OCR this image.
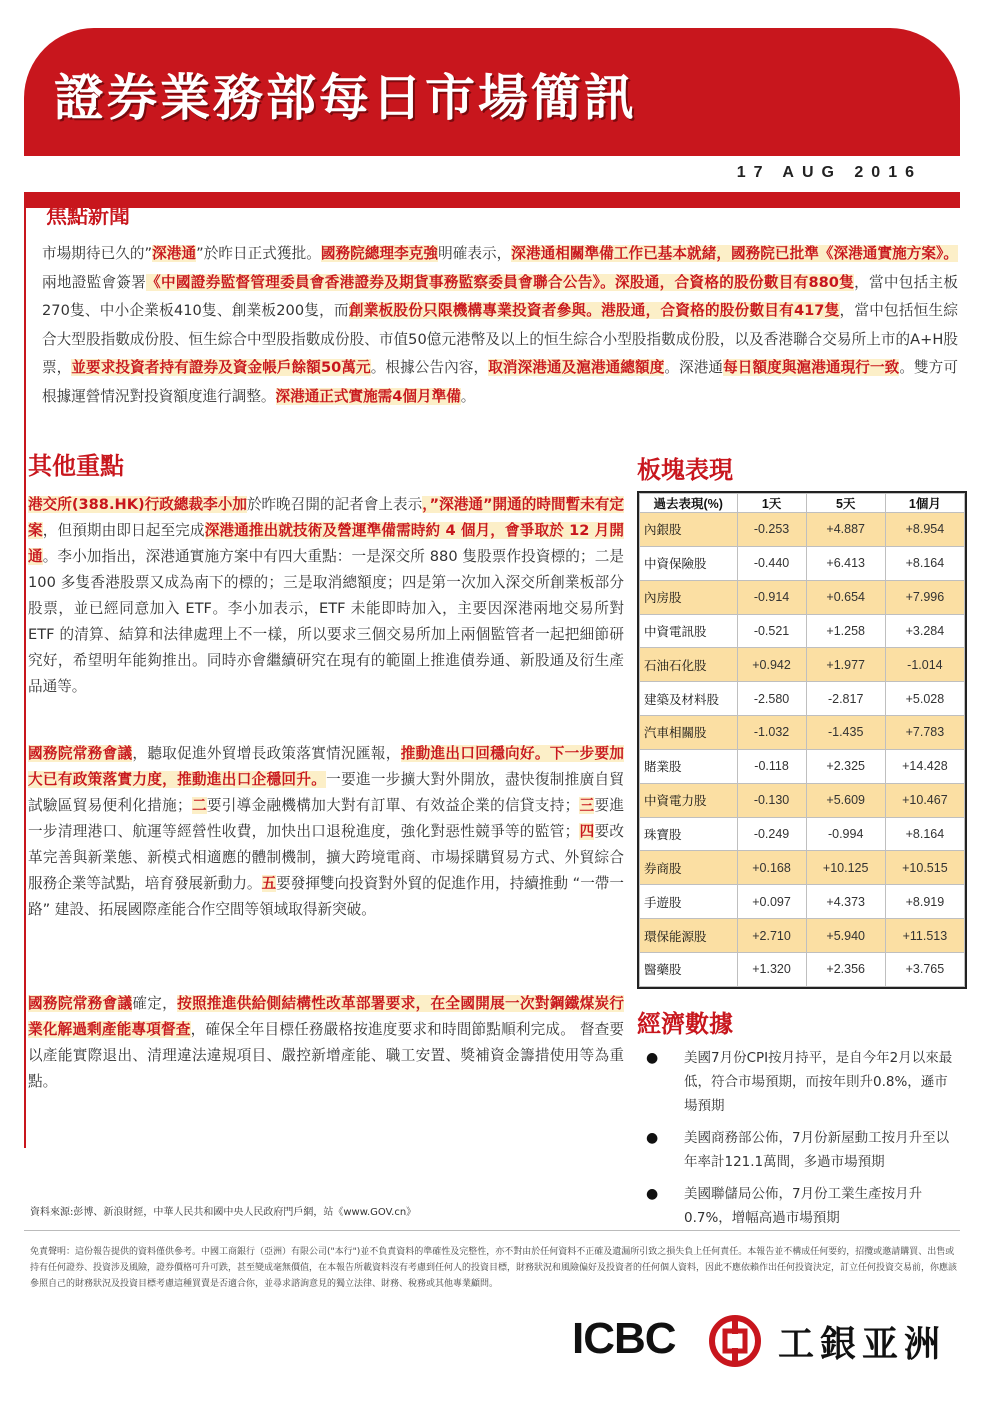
證券業務部每日市場簡訊
17 AUG 2016
焦點新聞

市場期待已久的”深港通”於昨日正式獲批。國務院總理李克強明確表示，深港通相關準備工作已基本就緒，國務院已批準《深港通實施方案》。兩地證監會簽署《中國證券監督管理委員會香港證券及期貨事務監察委員會聯合公告》。深股通，合資格的股份數目有880隻，當中包括主板270隻、中小企業板410隻、創業板200隻，而創業板股份只限機構專業投資者參與。港股通，合資格的股份數目有417隻，當中包括恒生綜合大型股指數成份股、恒生綜合中型股指數成份股、市值50億元港幣及以上的恒生綜合小型股指數成份股，以及香港聯合交易所上市的A+H股票，並要求投資者持有證券及資金帳戶餘額50萬元。根據公告內容，取消深港通及滬港通總額度。深港通每日額度與滬港通現行一致。雙方可根據運營情況對投資額度進行調整。深港通正式實施需4個月準備。

其他重點

港交所(388.HK)行政總裁李小加於昨晚召開的記者會上表示，”深港通”開通的時間暫未有定案，但預期由即日起至完成深港通推出就技術及營運準備需時約 4 個月，會爭取於 12 月開通。李小加指出，深港通實施方案中有四大重點：一是深交所 880 隻股票作投資標的；二是 100 多隻香港股票又成為南下的標的；三是取消總額度；四是第一次加入深交所創業板部分股票，並已經同意加入 ETF。李小加表示，ETF 未能即時加入，主要因深港兩地交易所對 ETF 的清算、結算和法律處理上不一樣，所以要求三個交易所加上兩個監管者一起把細節研究好，希望明年能夠推出。同時亦會繼續研究在現有的範圍上推進債券通、新股通及衍生產品通等。

國務院常務會議，聽取促進外貿增長政策落實情況匯報，推動進出口回穩向好。下一步要加大已有政策落實力度，推動進出口企穩回升。一要進一步擴大對外開放，盡快復制推廣自貿試驗區貿易便利化措施；二要引導金融機構加大對有訂單、有效益企業的信貸支持；三要進一步清理港口、航運等經營性收費，加快出口退稅進度，強化對惡性競爭等的監管；四要改革完善與新業態、新模式相適應的體制機制，擴大跨境電商、市場採購貿易方式、外貿綜合服務企業等試點，培育發展新動力。五要發揮雙向投資對外貿的促進作用，持續推動 “一帶一路” 建設、拓展國際產能合作空間等領域取得新突破。

國務院常務會議確定，按照推進供給側結構性改革部署要求，在全國開展一次對鋼鐵煤炭行業化解過剩產能專項督查，確保全年目標任務嚴格按進度要求和時間節點順利完成。 督查要以產能實際退出、清理違法違規項目、嚴控新增產能、職工安置、獎補資金籌措使用等為重點。

板塊表現
過去表現(%)	1天	5天	1個月
內銀股	-0.253	+4.887	+8.954
中資保險股	-0.440	+6.413	+8.164
內房股	-0.914	+0.654	+7.996
中資電訊股	-0.521	+1.258	+3.284
石油石化股	+0.942	+1.977	-1.014
建築及材料股	-2.580	-2.817	+5.028
汽車相關股	-1.032	-1.435	+7.783
賭業股	-0.118	+2.325	+14.428
中資電力股	-0.130	+5.609	+10.467
珠寶股	-0.249	-0.994	+8.164
券商股	+0.168	+10.125	+10.515
手遊股	+0.097	+4.373	+8.919
環保能源股	+2.710	+5.940	+11.513
醫藥股	+1.320	+2.356	+3.765
經濟數據
● 美國7月份CPI按月持平，是自今年2月以來最低，符合市場預期，而按年則升0.8%，遜市場預期
● 美國商務部公佈，7月份新屋動工按月升至以年率計121.1萬間，多過市場預期
● 美國聯儲局公佈，7月份工業生產按月升0.7%，增幅高過市場預期
資料來源:彭博、新浪財經，中華人民共和國中央人民政府門戶網，站《www.GOV.cn》

免責聲明：這份報告提供的資料僅供參考。中國工商銀行（亞洲）有限公司("本行")並不負責資料的準確性及完整性，亦不對由於任何資料不正確及遺漏所引致之損失負上任何責任。本報告並不構成任何要約，招攬或邀請購買、出售或持有任何證券、投資涉及風險，證券價格可升可跌，甚至變成毫無價值，在本報告所載資料沒有考慮到任何人的投資目標，財務狀況和風險偏好及投資者的任何個人資料，因此不應依賴作出任何投資決定，訂立任何投資交易前，你應該參照自己的財務狀況及投資目標考慮這種買賣是否適合你，並尋求諮詢意見的獨立法律、財務、稅務或其他專業顧問。

ICBC	工銀亚洲
